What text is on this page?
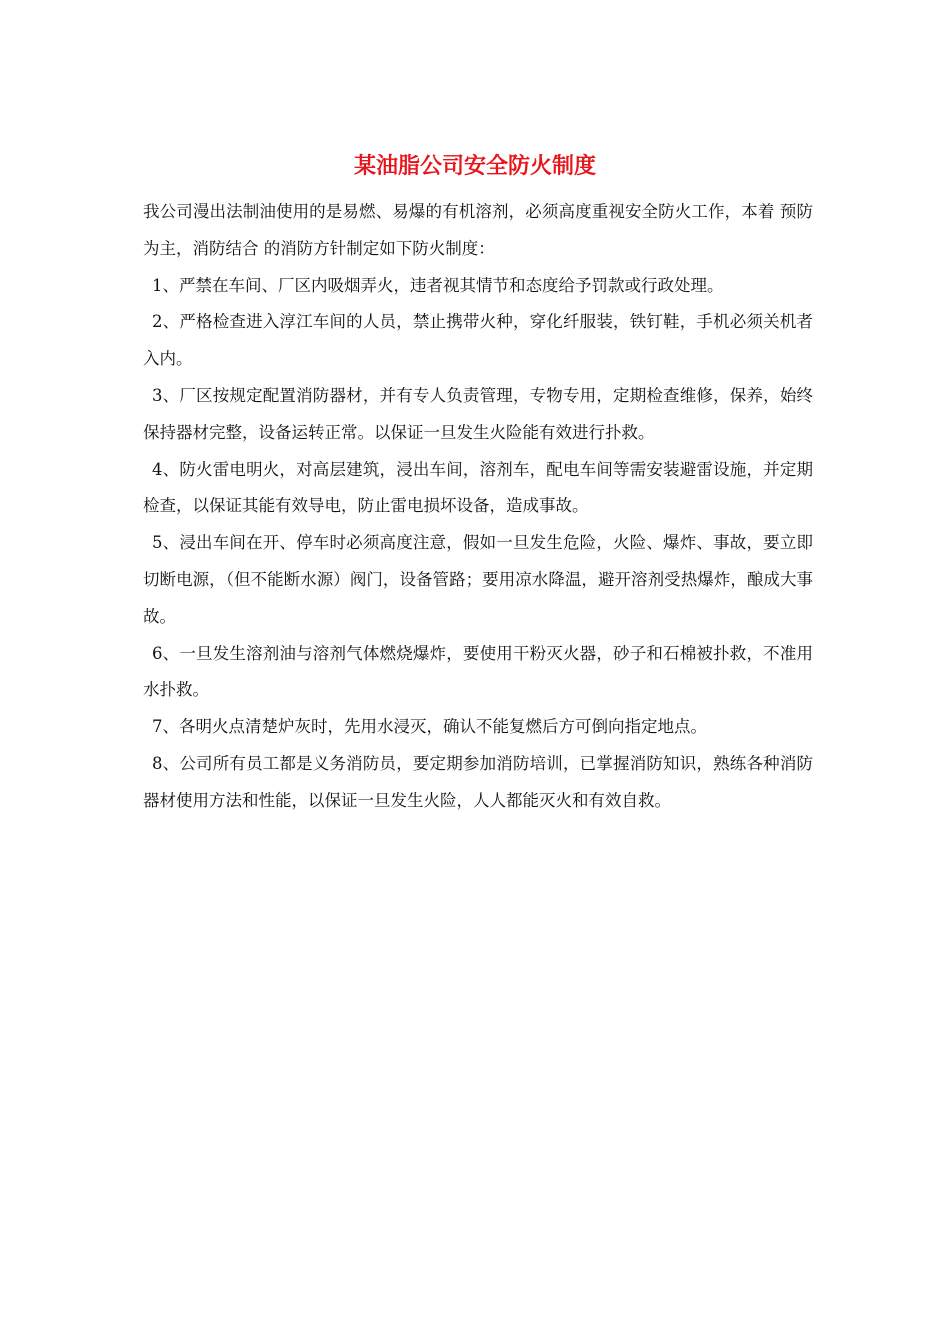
某油脂公司安全防火制度

我公司漫出法制油使用的是易燃、易爆的有机溶剂，必须高度重视安全防火工作，本着 预防为主，消防结合 的消防方针制定如下防火制度：

1、严禁在车间、厂区内吸烟弄火，违者视其情节和态度给予罚款或行政处理。

2、严格检查进入淳江车间的人员，禁止携带火种，穿化纤服装，铁钉鞋，手机必须关机者入内。

3、厂区按规定配置消防器材，并有专人负责管理，专物专用，定期检查维修，保养，始终保持器材完整，设备运转正常。以保证一旦发生火险能有效进行扑救。

4、防火雷电明火，对高层建筑，浸出车间，溶剂车，配电车间等需安装避雷设施，并定期检查，以保证其能有效导电，防止雷电损坏设备，造成事故。

5、浸出车间在开、停车时必须高度注意，假如一旦发生危险，火险、爆炸、事故，要立即切断电源，（但不能断水源）阀门，设备管路；要用凉水降温，避开溶剂受热爆炸，酿成大事故。

6、一旦发生溶剂油与溶剂气体燃烧爆炸，要使用干粉灭火器，砂子和石棉被扑救，不准用水扑救。

7、各明火点清楚炉灰时，先用水浸灭，确认不能复燃后方可倒向指定地点。

8、公司所有员工都是义务消防员，要定期参加消防培训，已掌握消防知识，熟练各种消防器材使用方法和性能，以保证一旦发生火险，人人都能灭火和有效自救。
